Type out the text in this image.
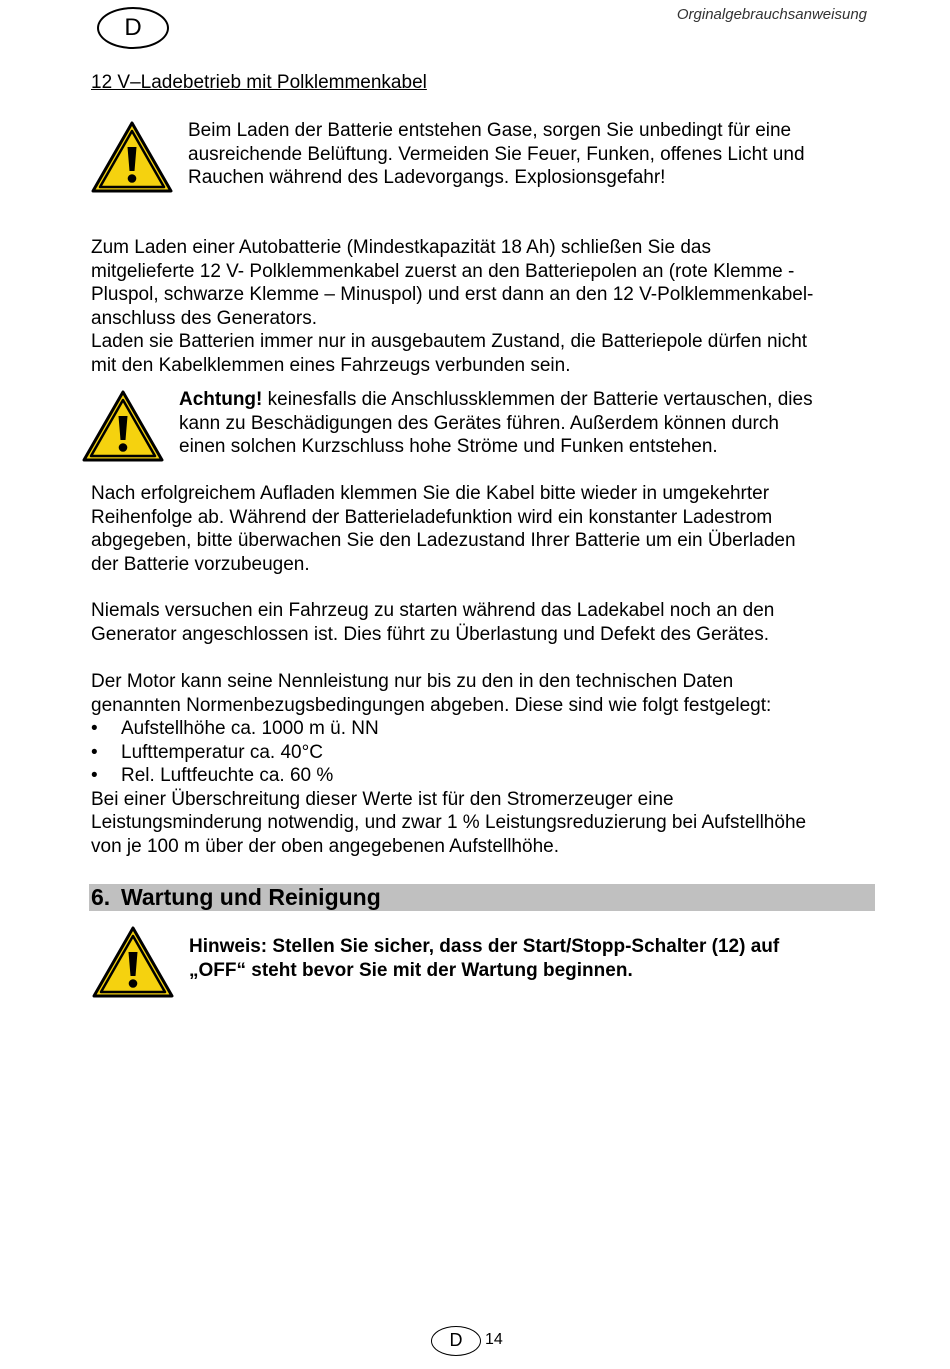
D	Orginalgebrauchsanweisung
12 V–Ladebetrieb mit Polklemmenkabel
Beim Laden der Batterie entstehen Gase, sorgen Sie unbedingt für eine
ausreichende Belüftung. Vermeiden Sie Feuer, Funken, offenes Licht und
Rauchen während des Ladevorgangs. Explosionsgefahr!
Zum Laden einer Autobatterie (Mindestkapazität 18 Ah) schließen Sie das
mitgelieferte 12 V- Polklemmenkabel zuerst an den Batteriepolen an (rote Klemme -
Pluspol, schwarze Klemme – Minuspol) und erst dann an den 12 V-Polklemmenkabel-
anschluss des Generators.
Laden sie Batterien immer nur in ausgebautem Zustand, die Batteriepole dürfen nicht
mit den Kabelklemmen eines Fahrzeugs verbunden sein.
Achtung! keinesfalls die Anschlussklemmen der Batterie vertauschen, dies
kann zu Beschädigungen des Gerätes führen. Außerdem können durch
einen solchen Kurzschluss hohe Ströme und Funken entstehen.
Nach erfolgreichem Aufladen klemmen Sie die Kabel bitte wieder in umgekehrter
Reihenfolge ab. Während der Batterieladefunktion wird ein konstanter Ladestrom
abgegeben, bitte überwachen Sie den Ladezustand Ihrer Batterie um ein Überladen
der Batterie vorzubeugen.
Niemals versuchen ein Fahrzeug zu starten während das Ladekabel noch an den
Generator angeschlossen ist. Dies führt zu Überlastung und Defekt des Gerätes.
Der Motor kann seine Nennleistung nur bis zu den in den technischen Daten
genannten Normenbezugsbedingungen abgeben. Diese sind wie folgt festgelegt:
• Aufstellhöhe ca. 1000 m ü. NN
• Lufttemperatur ca. 40°C
• Rel. Luftfeuchte ca. 60 %
Bei einer Überschreitung dieser Werte ist für den Stromerzeuger eine
Leistungsminderung notwendig, und zwar 1 % Leistungsreduzierung bei Aufstellhöhe
von je 100 m über der oben angegebenen Aufstellhöhe.
6. Wartung und Reinigung
Hinweis: Stellen Sie sicher, dass der Start/Stopp-Schalter (12) auf
„OFF“ steht bevor Sie mit der Wartung beginnen.
D	14
